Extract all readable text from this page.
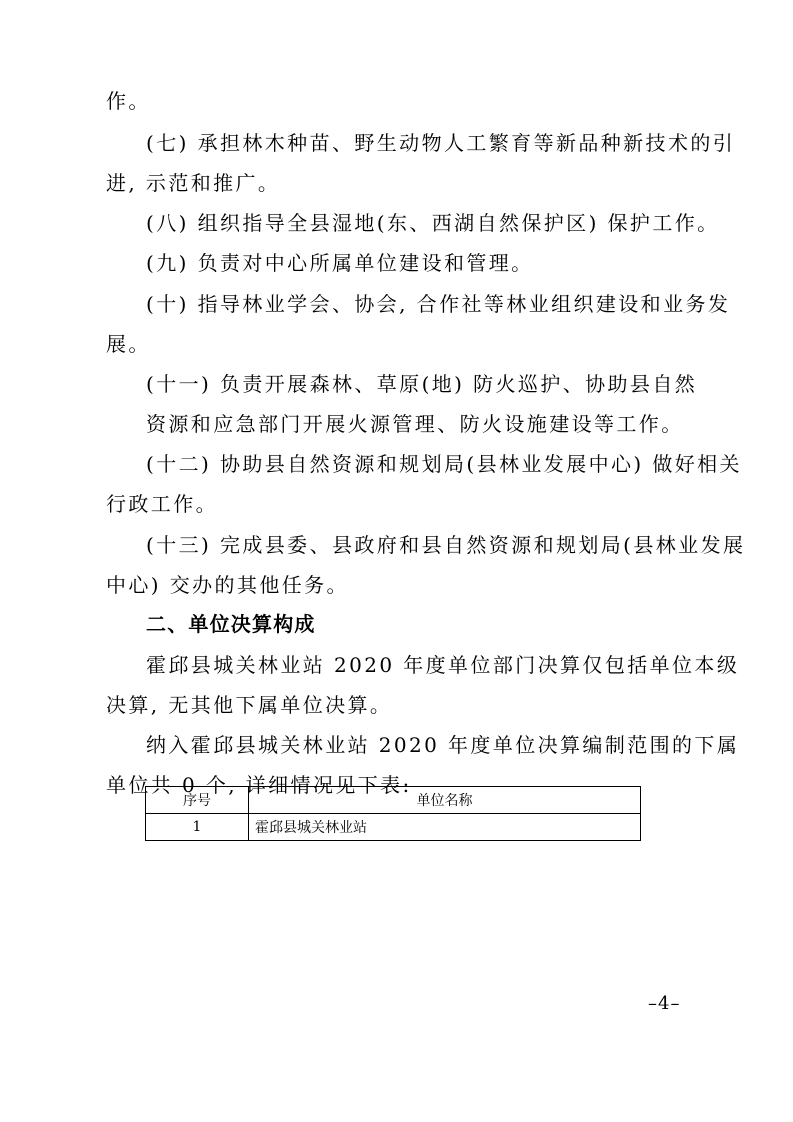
作。
(七) 承担林木种苗、野生动物人工繁育等新品种新技术的引
进, 示范和推广。
(八) 组织指导全县湿地(东、西湖自然保护区) 保护工作。
(九) 负责对中心所属单位建设和管理。
(十) 指导林业学会、协会, 合作社等林业组织建设和业务发
展。
(十一) 负责开展森林、草原(地) 防火巡护、协助县自然
资源和应急部门开展火源管理、防火设施建设等工作。
(十二) 协助县自然资源和规划局(县林业发展中心) 做好相关
行政工作。
(十三) 完成县委、县政府和县自然资源和规划局(县林业发展
中心) 交办的其他任务。
二、单位决算构成
霍邱县城关林业站 2020 年度单位部门决算仅包括单位本级
决算, 无其他下属单位决算。
纳入霍邱县城关林业站 2020 年度单位决算编制范围的下属
单位共 0 个, 详细情况见下表:
序号	单位名称
1	霍邱县城关林业站
–4–
